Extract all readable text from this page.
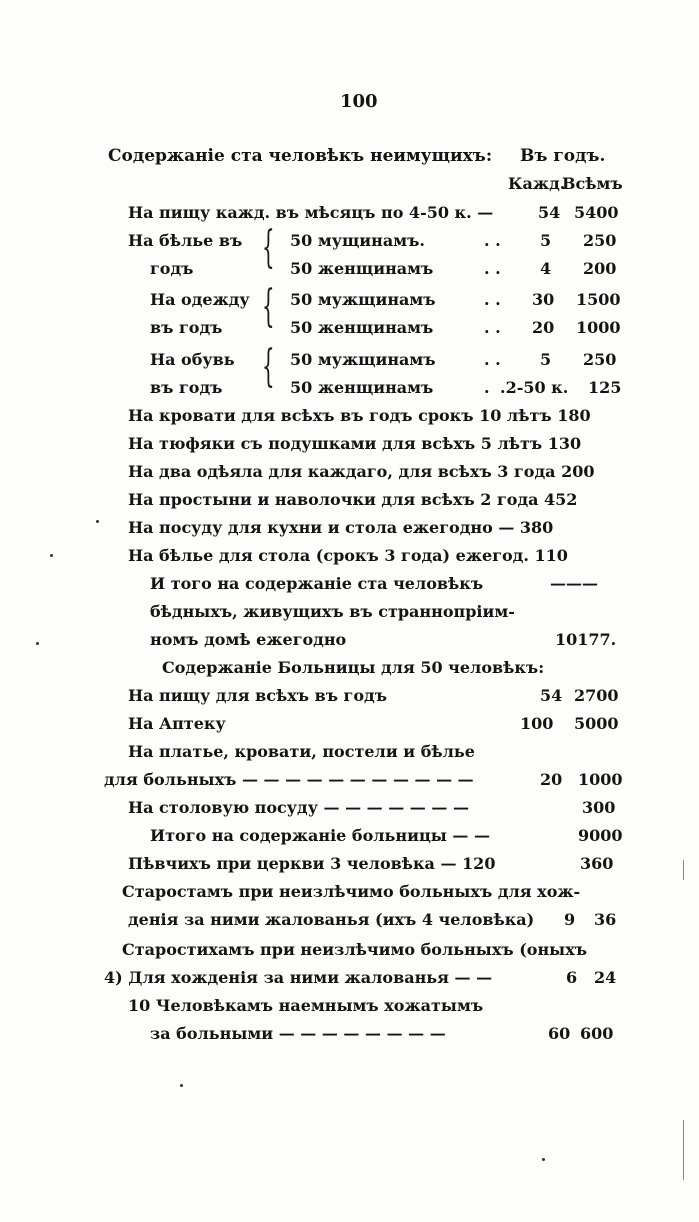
100
Содержаніе ста человѣкъ неимущихъ: Въ годъ.
Кажд.
Всѣмъ
На пищу кажд. въ мѣсяцъ по 4-50 к. —	54 5400
На бѣлье въ
годъ { 50 мущинамъ.	. . 5 250
50 женщинамъ	. . 4 200
На одежду
въ годъ { 50 мужщинамъ	. . 30 1500
50 женщинамъ	. . 20 1000
На обувь
въ годъ { 50 мужщинамъ	. . 5 250
50 женщинамъ	. .2-50 к. 125
На кровати для всѣхъ въ годъ срокъ 10 лѣтъ 180
На тюфяки съ подушками для всѣхъ 5 лѣтъ 130
На два одѣяла для каждаго, для всѣхъ 3 года 200
На простыни и наволочки для всѣхъ 2 года 452
На посуду для кухни и стола ежегодно — 380
На бѣлье для стола (срокъ 3 года) ежегод. 110
И того на содержаніе ста человѣкъ	———
бѣдныхъ, живущихъ въ страннопріим-
номъ домѣ ежегодно	10177.
Содержаніе Больницы для 50 человѣкъ:
На пищу для всѣхъ въ годъ	54 2700
На Аптеку	100 5000
На платье, кровати, постели и бѣлье
для больныхъ — — — — — — — — — — —	20 1000
На столовую посуду — — — — — — —	300
Итого на содержаніе больницы — —	9000
Пѣвчихъ при церкви 3 человѣка — 120	360
Старостамъ при неизлѣчимо больныхъ для хож-
денія за ними жалованья (ихъ 4 человѣка) 9 36
Старостихамъ при неизлѣчимо больныхъ (оныхъ
4) Для хожденія за ними жалованья — —	6 24
10 Человѣкамъ наемнымъ хожатымъ
за больными — — — — — — — —	60 600
